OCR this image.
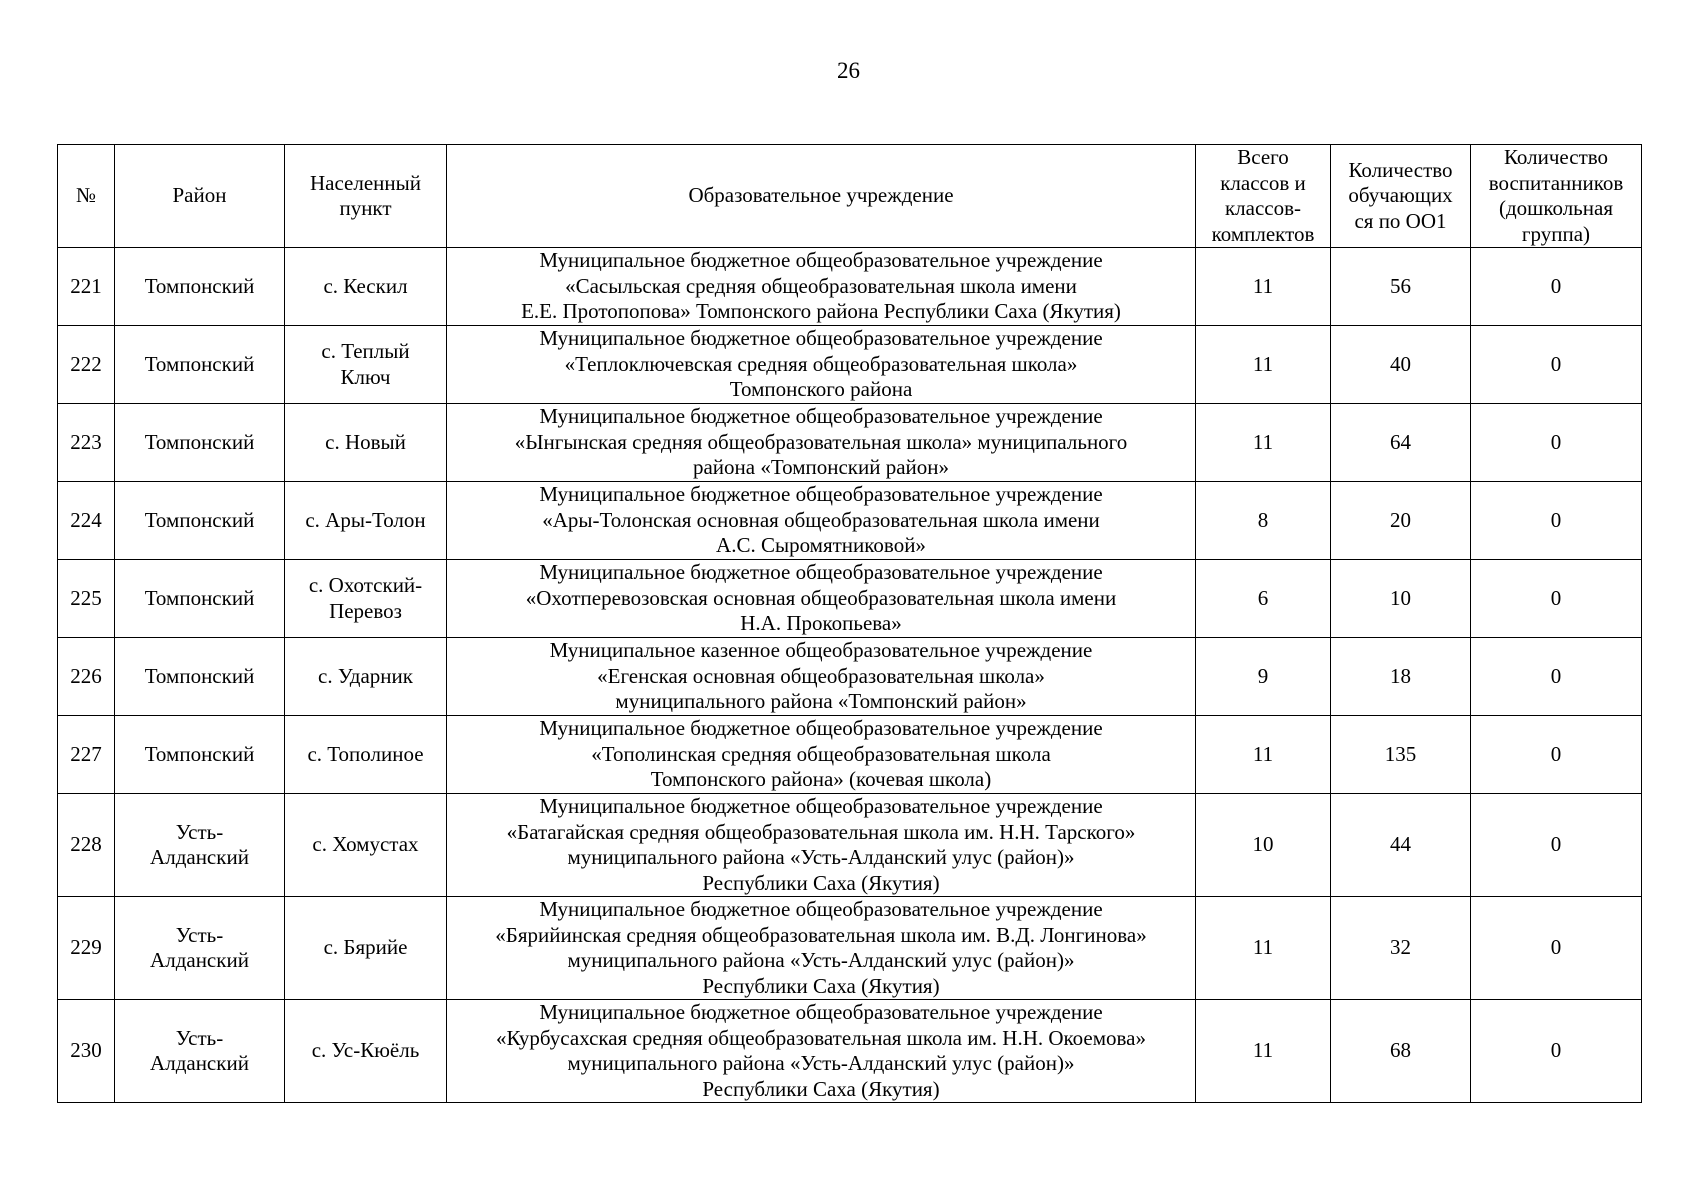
26
№	Район	Населенный
пункт	Образовательное учреждение	Всего
классов и
классов-
комплектов	Количество
обучающих
ся по ОО1	Количество
воспитанников
(дошкольная
группа)

221	Томпонский	с. Кескил	Муниципальное бюджетное общеобразовательное учреждение
«Сасыльская средняя общеобразовательная школа имени
Е.Е. Протопопова» Томпонского района Республики Саха (Якутия)	11	56	0
222	Томпонский	с. Теплый
Ключ	Муниципальное бюджетное общеобразовательное учреждение
«Теплоключевская средняя общеобразовательная школа»
Томпонского района	11	40	0
223	Томпонский	с. Новый	Муниципальное бюджетное общеобразовательное учреждение
«Ынгынская средняя общеобразовательная школа» муниципального
района «Томпонский район»	11	64	0
224	Томпонский	с. Ары-Толон	Муниципальное бюджетное общеобразовательное учреждение
«Ары-Толонская основная общеобразовательная школа имени
А.С. Сыромятниковой»	8	20	0
225	Томпонский	с. Охотский-
Перевоз	Муниципальное бюджетное общеобразовательное учреждение
«Охотперевозовская основная общеобразовательная школа имени
Н.А. Прокопьева»	6	10	0
226	Томпонский	с. Ударник	Муниципальное казенное общеобразовательное учреждение
«Егенская основная общеобразовательная школа»
муниципального района «Томпонский район»	9	18	0
227	Томпонский	с. Тополиное	Муниципальное бюджетное общеобразовательное учреждение
«Тополинская средняя общеобразовательная школа
Томпонского района» (кочевая школа)	11	135	0
228	Усть-
Алданский	с. Хомустах	Муниципальное бюджетное общеобразовательное учреждение
«Батагайская средняя общеобразовательная школа им. Н.Н. Тарского»
муниципального района «Усть-Алданский улус (район)»
Республики Саха (Якутия)	10	44	0
229	Усть-
Алданский	с. Бярийе	Муниципальное бюджетное общеобразовательное учреждение
«Бярийинская средняя общеобразовательная школа им. В.Д. Лонгинова»
муниципального района «Усть-Алданский улус (район)»
Республики Саха (Якутия)	11	32	0
230	Усть-
Алданский	с. Ус-Кюёль	Муниципальное бюджетное общеобразовательное учреждение
«Курбусахская средняя общеобразовательная школа им. Н.Н. Окоемова»
муниципального района «Усть-Алданский улус (район)»
Республики Саха (Якутия)	11	68	0
